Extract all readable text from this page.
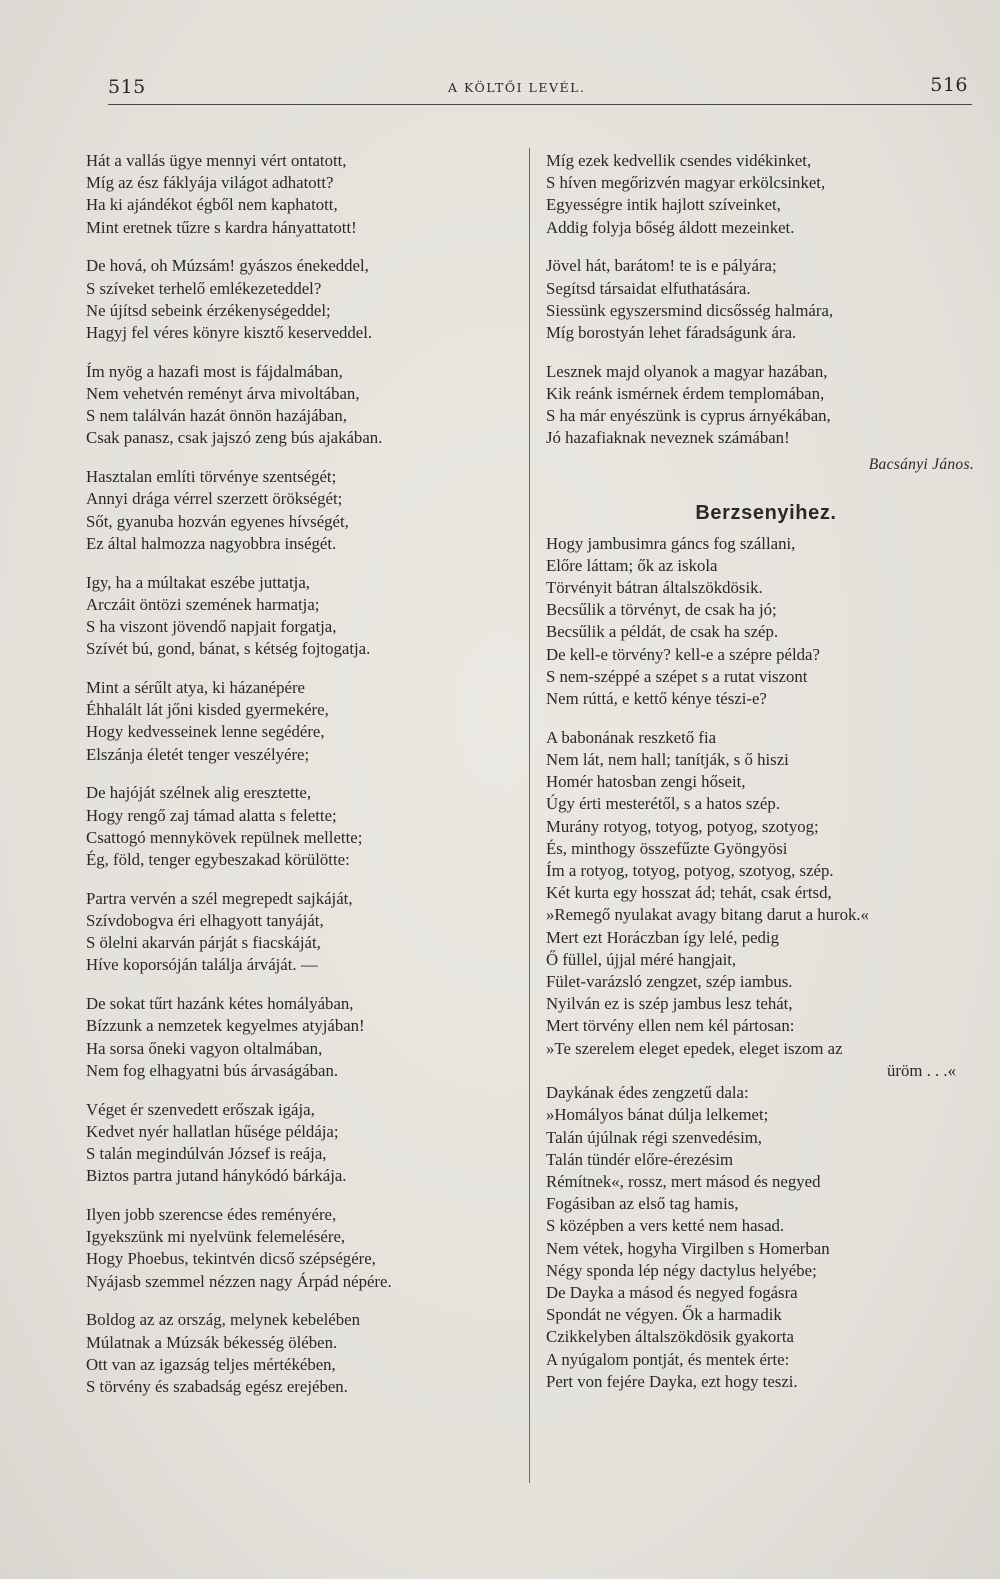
515	A KÖLTŐI LEVÉL.	516
Hát a vallás ügye mennyi vért ontatott,
Míg az ész fáklyája világot adhatott?
Ha ki ajándékot égből nem kaphatott,
Mint eretnek tűzre s kardra hányattatott!
De hová, oh Múzsám! gyászos énekeddel,
S szíveket terhelő emlékezeteddel?
Ne újítsd sebeink érzékenységeddel;
Hagyj fel véres könyre kisztő keserveddel.
Ím nyög a hazafi most is fájdalmában,
Nem vehetvén reményt árva mivoltában,
S nem találván hazát önnön hazájában,
Csak panasz, csak jajszó zeng bús ajakában.
Hasztalan említi törvénye szentségét;
Annyi drága vérrel szerzett örökségét;
Sőt, gyanuba hozván egyenes hívségét,
Ez által halmozza nagyobbra inségét.
Igy, ha a múltakat eszébe juttatja,
Arczáit öntözi szemének harmatja;
S ha viszont jövendő napjait forgatja,
Szívét bú, gond, bánat, s kétség fojtogatja.
Mint a sérűlt atya, ki házanépére
Éhhalált lát jőni kisded gyermekére,
Hogy kedvesseinek lenne segédére,
Elszánja életét tenger veszélyére;
De hajóját szélnek alig eresztette,
Hogy rengő zaj támad alatta s felette;
Csattogó mennykövek repülnek mellette;
Ég, föld, tenger egybeszakad körülötte:
Partra vervén a szél megrepedt sajkáját,
Szívdobogva éri elhagyott tanyáját,
S ölelni akarván párját s fiacskáját,
Híve koporsóján találja árváját. —
De sokat tűrt hazánk kétes homályában,
Bízzunk a nemzetek kegyelmes atyjában!
Ha sorsa őneki vagyon oltalmában,
Nem fog elhagyatni bús árvaságában.
Véget ér szenvedett erőszak igája,
Kedvet nyér hallatlan hűsége példája;
S talán megindúlván József is reája,
Biztos partra jutand hánykódó bárkája.
Ilyen jobb szerencse édes reményére,
Igyekszünk mi nyelvünk felemelésére,
Hogy Phoebus, tekintvén dicső szépségére,
Nyájasb szemmel nézzen nagy Árpád népére.
Boldog az az ország, melynek kebelében
Múlatnak a Múzsák békesség ölében.
Ott van az igazság teljes mértékében,
S törvény és szabadság egész erejében.
Míg ezek kedvellik csendes vidékinket,
S híven megőrizvén magyar erkölcsinket,
Egyességre intik hajlott szíveinket,
Addig folyja bőség áldott mezeinket.
Jövel hát, barátom! te is e pályára;
Segítsd társaidat elfuthatására.
Siessünk egyszersmind dicsősség halmára,
Míg borostyán lehet fáradságunk ára.
Lesznek majd olyanok a magyar hazában,
Kik reánk ismérnek érdem templomában,
S ha már enyészünk is cyprus árnyékában,
Jó hazafiaknak neveznek számában!
Bacsányi János.
Berzsenyihez.
Hogy jambusimra gáncs fog szállani,
Előre láttam; ők az iskola
Törvényit bátran általszökdösik.
Becsűlik a törvényt, de csak ha jó;
Becsűlik a példát, de csak ha szép.
De kell-e törvény? kell-e a szépre példa?
S nem-széppé a szépet s a rutat viszont
Nem rúttá, e kettő kénye tészi-e?
A babonának reszkető fia
Nem lát, nem hall; tanítják, s ő hiszi
Homér hatosban zengi hőseit,
Úgy érti mesterétől, s a hatos szép.
Murány rotyog, totyog, potyog, szotyog;
És, minthogy összefűzte Gyöngyösi
Ím a rotyog, totyog, potyog, szotyog, szép.
Két kurta egy hosszat ád; tehát, csak értsd,
»Remegő nyulakat avagy bitang darut a hurok.«
Mert ezt Horáczban így lelé, pedig
Ő füllel, újjal méré hangjait,
Fület-varázsló zengzet, szép iambus.
Nyilván ez is szép jambus lesz tehát,
Mert törvény ellen nem kél pártosan:
»Te szerelem eleget epedek, eleget iszom az
üröm . . .«
Daykának édes zengzetű dala:
»Homályos bánat dúlja lelkemet;
Talán újúlnak régi szenvedésim,
Talán tündér előre-érezésim
Rémítnek«, rossz, mert másod és negyed
Fogásiban az első tag hamis,
S középben a vers ketté nem hasad.
Nem vétek, hogyha Virgilben s Homerban
Négy sponda lép négy dactylus helyébe;
De Dayka a másod és negyed fogásra
Spondát ne végyen. Ők a harmadik
Czikkelyben általszökdösik gyakorta
A nyúgalom pontját, és mentek érte:
Pert von fejére Dayka, ezt hogy teszi.
